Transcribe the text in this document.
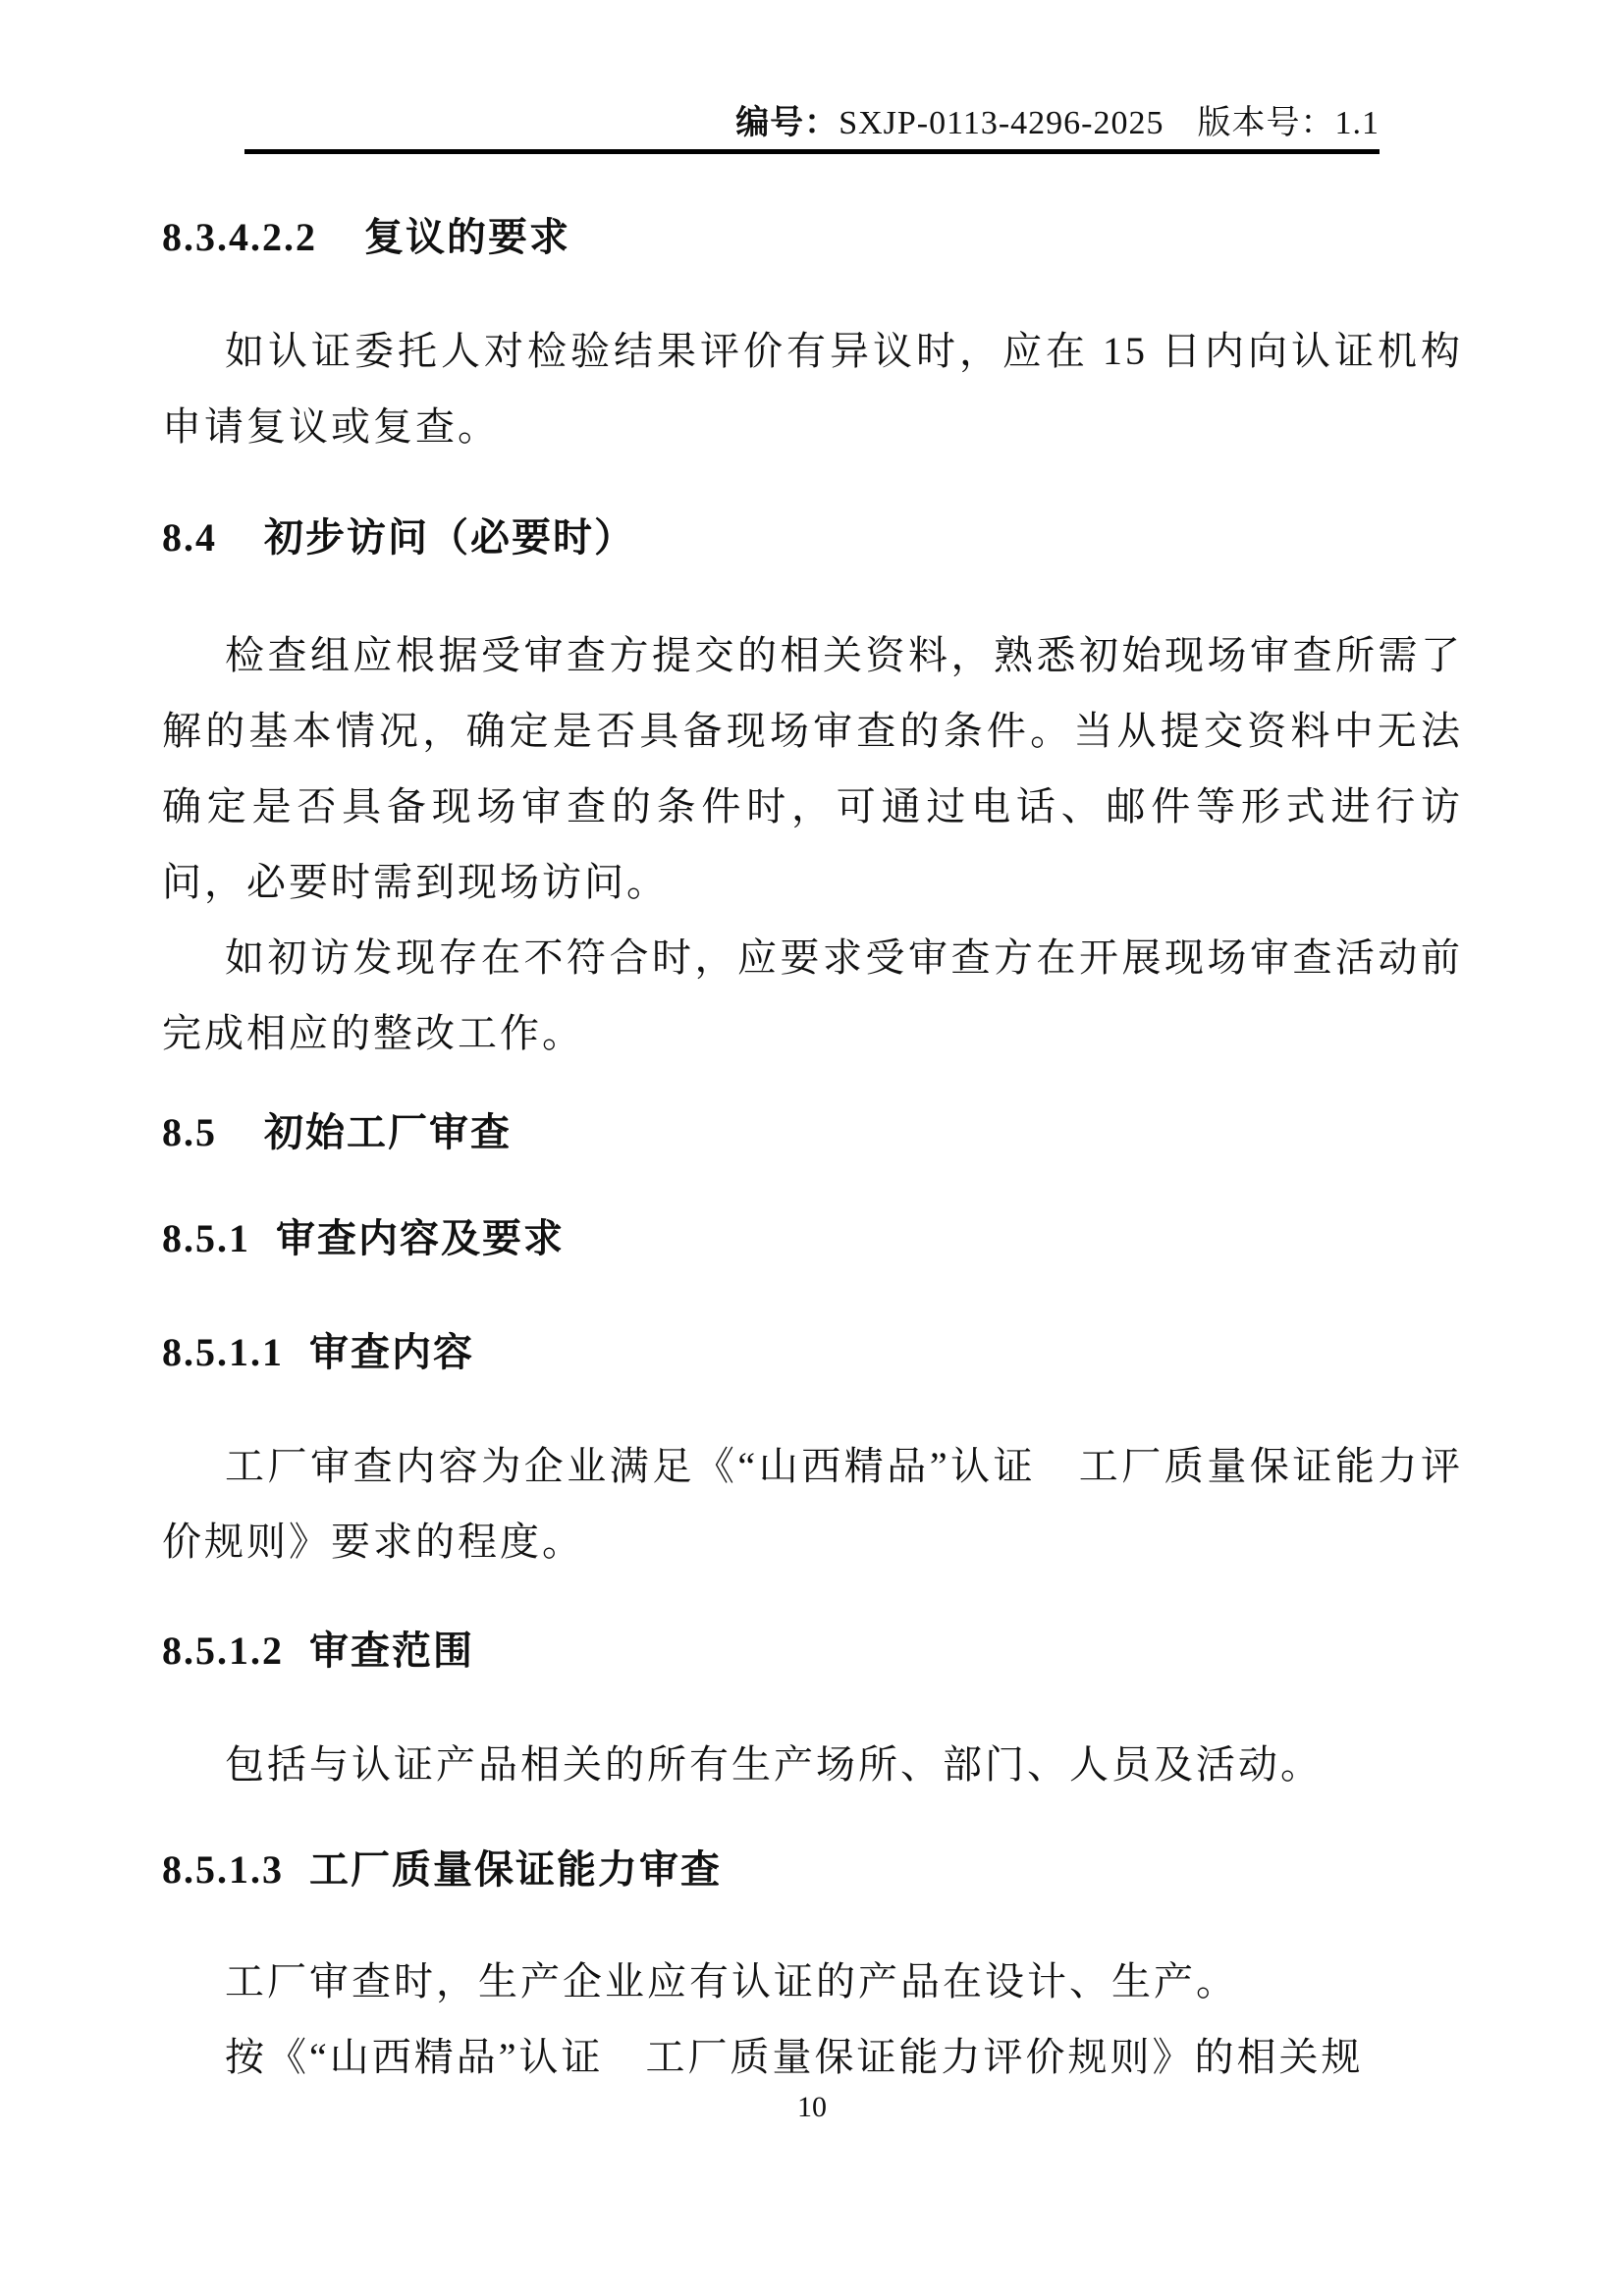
编号：SXJP-0113-4296-2025 版本号：1.1
8.3.4.2.2 复议的要求
如认证委托人对检验结果评价有异议时，应在 15 日内向认证机构申请复议或复查。
8.4 初步访问（必要时）
检查组应根据受审查方提交的相关资料，熟悉初始现场审查所需了解的基本情况，确定是否具备现场审查的条件。当从提交资料中无法确定是否具备现场审查的条件时，可通过电话、邮件等形式进行访问，必要时需到现场访问。
如初访发现存在不符合时，应要求受审查方在开展现场审查活动前完成相应的整改工作。
8.5 初始工厂审查
8.5.1 审查内容及要求
8.5.1.1 审查内容
工厂审查内容为企业满足《“山西精品”认证　工厂质量保证能力评价规则》要求的程度。
8.5.1.2 审查范围
包括与认证产品相关的所有生产场所、部门、人员及活动。
8.5.1.3 工厂质量保证能力审查
工厂审查时，生产企业应有认证的产品在设计、生产。
按《“山西精品”认证　工厂质量保证能力评价规则》的相关规
10
